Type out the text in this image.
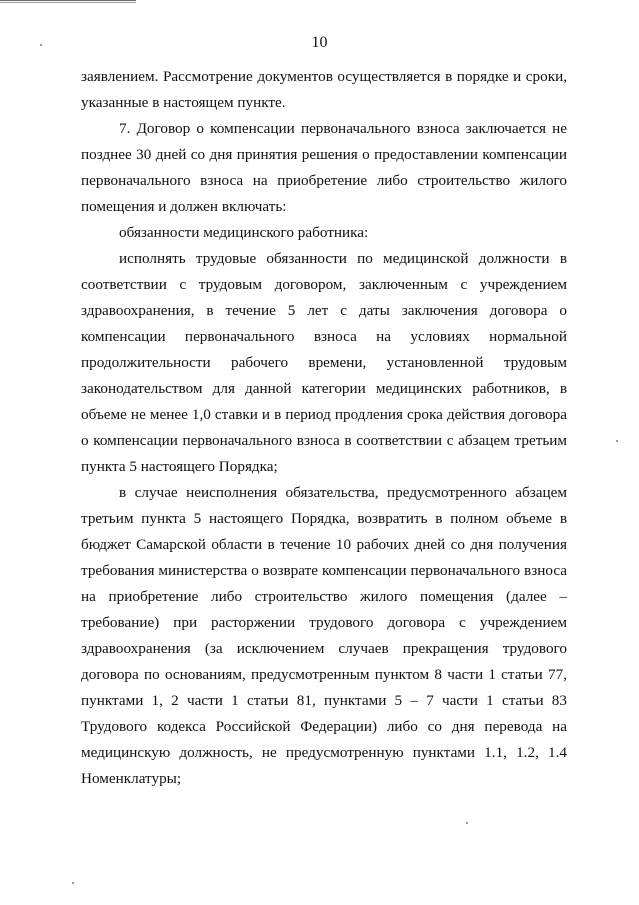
10

заявлением. Рассмотрение документов осуществляется в порядке и сроки, указанные в настоящем пункте.

7. Договор о компенсации первоначального взноса заключается не позднее 30 дней со дня принятия решения о предоставлении компенсации первоначального взноса на приобретение либо строительство жилого помещения и должен включать:

обязанности медицинского работника:

исполнять трудовые обязанности по медицинской должности в соответствии с трудовым договором, заключенным с учреждением здравоохранения, в течение 5 лет с даты заключения договора о компенсации первоначального взноса на условиях нормальной продолжительности рабочего времени, установленной трудовым законодательством для данной категории медицинских работников, в объеме не менее 1,0 ставки и в период продления срока действия договора о компенсации первоначального взноса в соответствии с абзацем третьим пункта 5 настоящего Порядка;

в случае неисполнения обязательства, предусмотренного абзацем третьим пункта 5 настоящего Порядка, возвратить в полном объеме в бюджет Самарской области в течение 10 рабочих дней со дня получения требования министерства о возврате компенсации первоначального взноса на приобретение либо строительство жилого помещения (далее – требование) при расторжении трудового договора с учреждением здравоохранения (за исключением случаев прекращения трудового договора по основаниям, предусмотренным пунктом 8 части 1 статьи 77, пунктами 1, 2 части 1 статьи 81, пунктами 5 – 7 части 1 статьи 83 Трудового кодекса Российской Федерации) либо со дня перевода на медицинскую должность, не предусмотренную пунктами 1.1, 1.2, 1.4 Номенклатуры;
